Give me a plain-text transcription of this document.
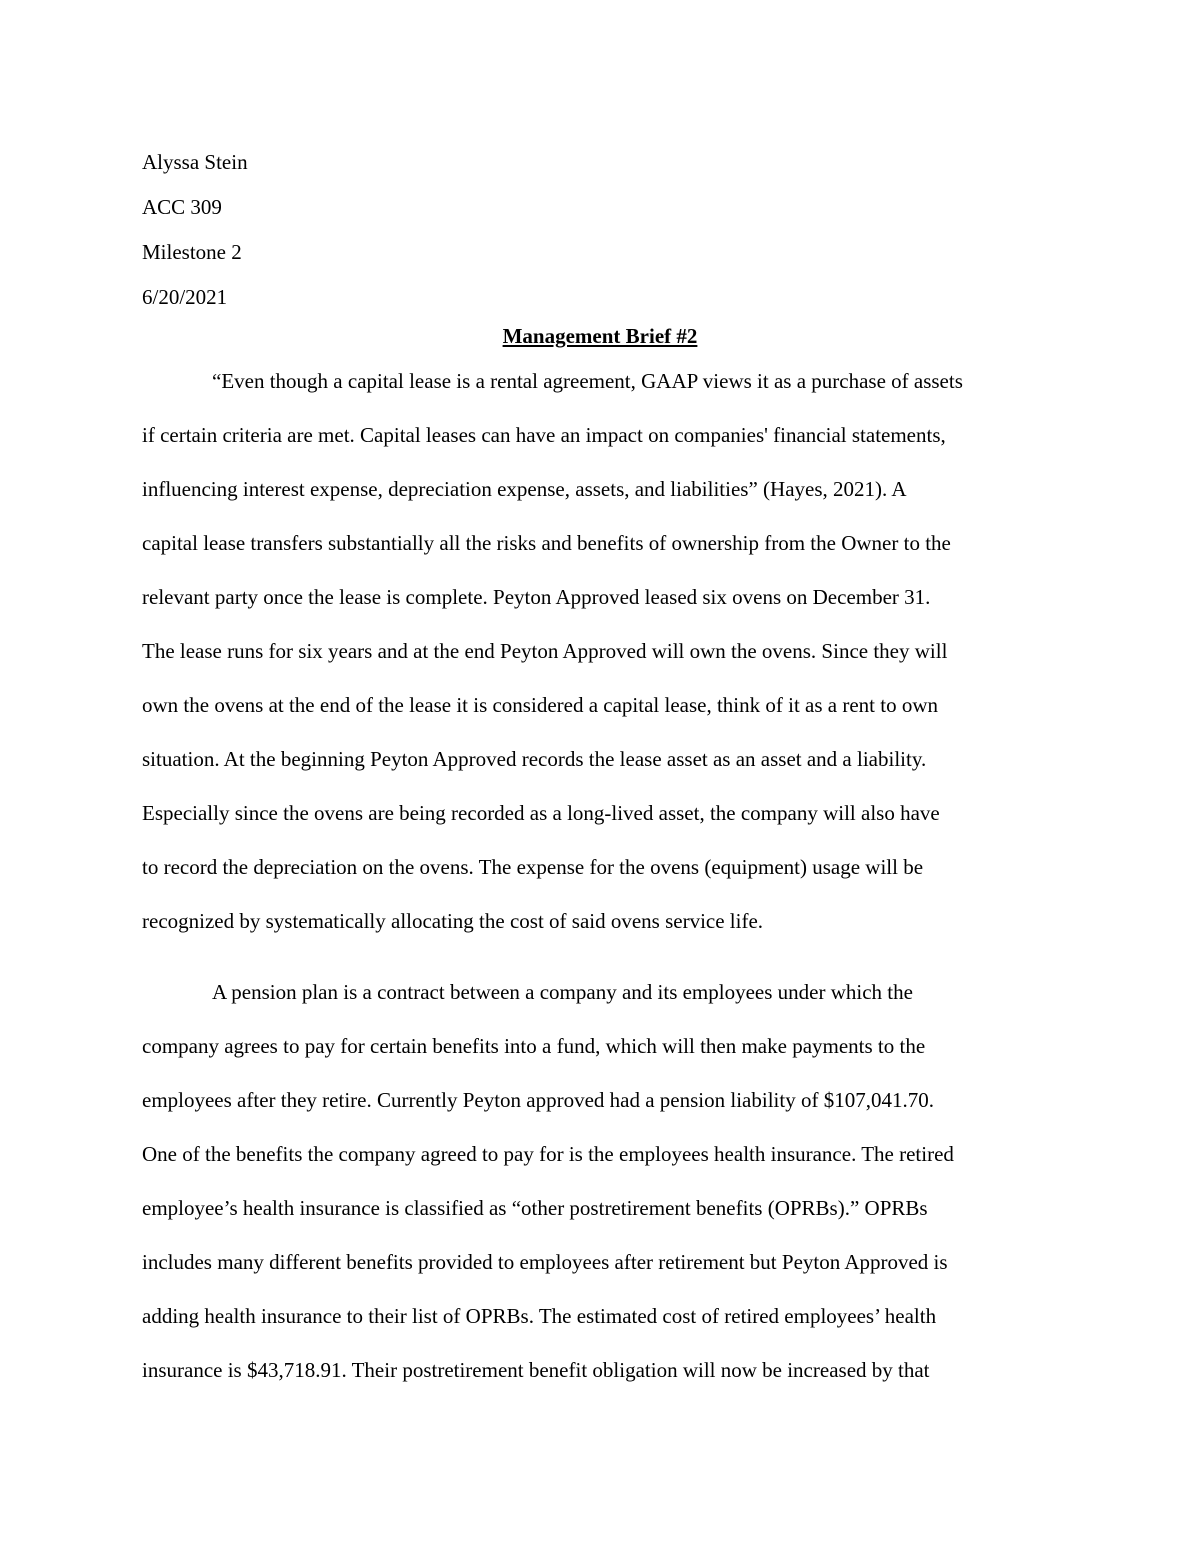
Alyssa Stein
ACC 309
Milestone 2
6/20/2021
Management Brief #2
“Even though a capital lease is a rental agreement, GAAP views it as a purchase of assets
if certain criteria are met. Capital leases can have an impact on companies' financial statements,
influencing interest expense, depreciation expense, assets, and liabilities” (Hayes, 2021). A
capital lease transfers substantially all the risks and benefits of ownership from the Owner to the
relevant party once the lease is complete. Peyton Approved leased six ovens on December 31.
The lease runs for six years and at the end Peyton Approved will own the ovens. Since they will
own the ovens at the end of the lease it is considered a capital lease, think of it as a rent to own
situation. At the beginning Peyton Approved records the lease asset as an asset and a liability.
Especially since the ovens are being recorded as a long-lived asset, the company will also have
to record the depreciation on the ovens. The expense for the ovens (equipment) usage will be
recognized by systematically allocating the cost of said ovens service life.
A pension plan is a contract between a company and its employees under which the
company agrees to pay for certain benefits into a fund, which will then make payments to the
employees after they retire. Currently Peyton approved had a pension liability of $107,041.70.
One of the benefits the company agreed to pay for is the employees health insurance. The retired
employee’s health insurance is classified as “other postretirement benefits (OPRBs).” OPRBs
includes many different benefits provided to employees after retirement but Peyton Approved is
adding health insurance to their list of OPRBs. The estimated cost of retired employees’ health
insurance is $43,718.91. Their postretirement benefit obligation will now be increased by that
